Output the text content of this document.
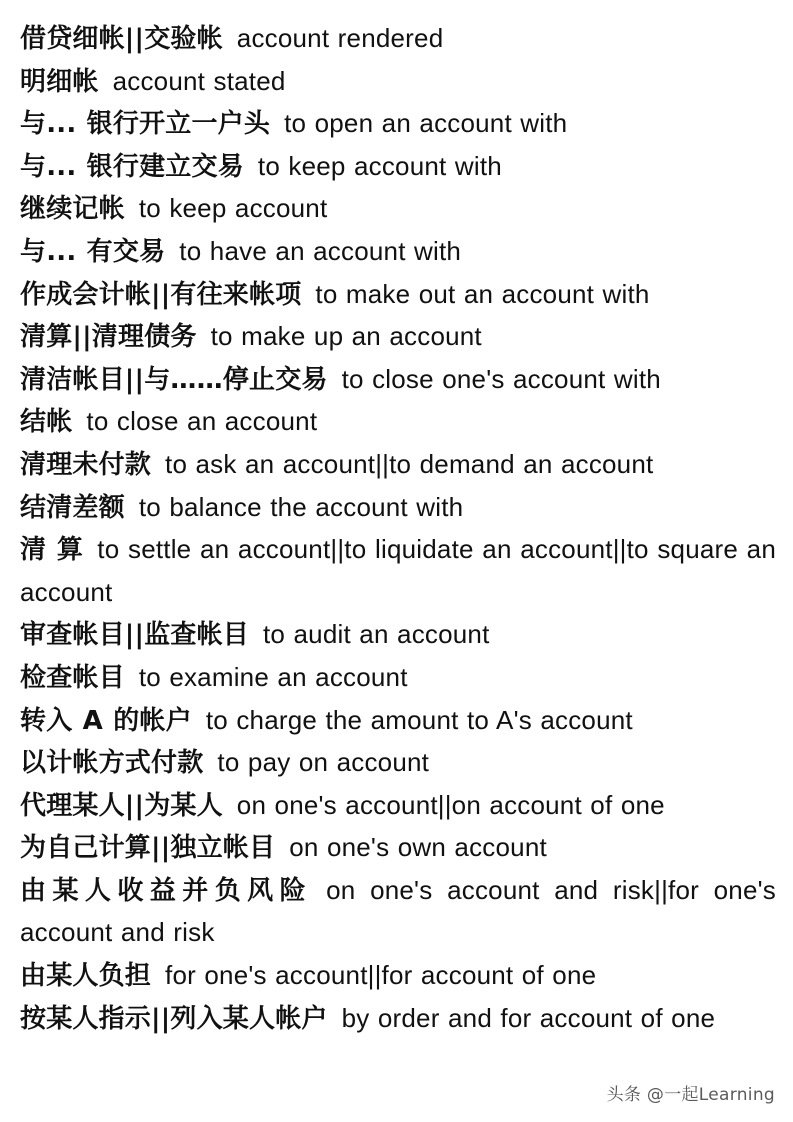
借贷细帐||交验帐 account rendered

明细帐 account stated

与... 银行开立一户头 to open an account with

与... 银行建立交易 to keep account with

继续记帐 to keep account

与... 有交易 to have an account with

作成会计帐||有往来帐项 to make out an account with

清算||清理债务 to make up an account

清洁帐目||与……停止交易 to close one's account with

结帐 to close an account

清理未付款 to ask an account||to demand an account

结清差额 to balance the account with

清 算 to settle an account||to liquidate an account||to square an account

审查帐目||监查帐目 to audit an account

检查帐目 to examine an account

转入 A 的帐户 to charge the amount to A's account

以计帐方式付款 to pay on account

代理某人||为某人 on one's account||on account of one

为自己计算||独立帐目 on one's own account

由某人收益并负风险 on one's account and risk||for one's account and risk

由某人负担 for one's account||for account of one

按某人指示||列入某人帐户 by order and for account of one

头条 @一起Learning
